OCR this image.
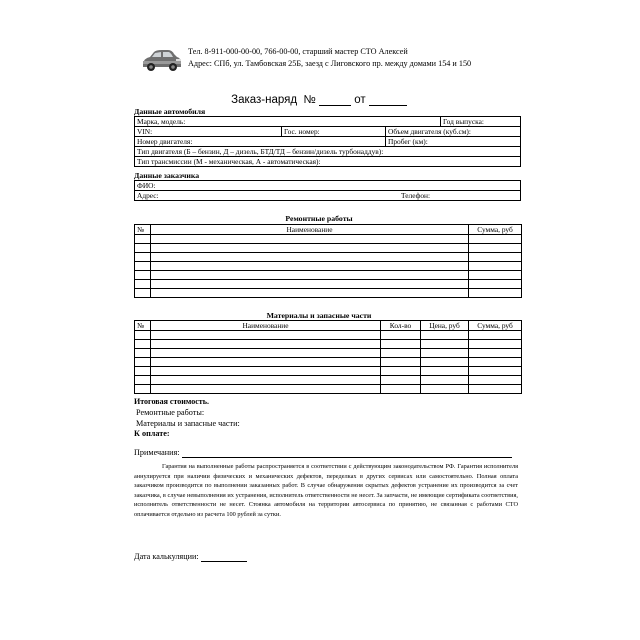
Тел. 8-911-000-00-00, 766-00-00, старший мастер СТО Алексей
Адрес: СПб, ул. Тамбовская 25Б, заезд с Лиговского пр. между домами 154 и 150
Заказ-наряд №	от
Данные автомобиля
Марка, модель:	Год выпуска:
VIN:	Гос. номер:	Объем двигателя (куб.см):
Номер двигателя:	Пробег (км):
Тип двигателя (Б – бензин, Д – дизель, БТД/ТД – бензин/дизель турбонаддув):
Тип трансмиссии (М - механическая, А - автоматическая):
Данные заказчика
ФИО:
Адрес:	Телефон:
Ремонтные работы
№	Наименование	Сумма, руб

Материалы и запасные части
№	Наименование	Кол-во	Цена, руб	Сумма, руб

Итоговая стоимость.
Ремонтные работы:
Материалы и запасные части:
К оплате:
Примечания:
Гарантия на выполненные работы распространяется в соответствии с действующим законодательством РФ. Гарантия исполнителя аннулируется при наличии физических и механических дефектов, переделках в других сервисах или самостоятельно. Полная оплата заказчиком производится по выполнении заказанных работ. В случае обнаружения скрытых дефектов устранение их производится за счет заказчика, в случае невыполнения их устранения, исполнитель ответственности не несет. За запчасти, не имеющие сертификата соответствия, исполнитель ответственности не несет. Стоянка автомобиля на территории автосервиса по принятию, не связанная с работами СТО оплачивается отдельно из расчета 100 рублей за сутки.
Дата калькуляции:
